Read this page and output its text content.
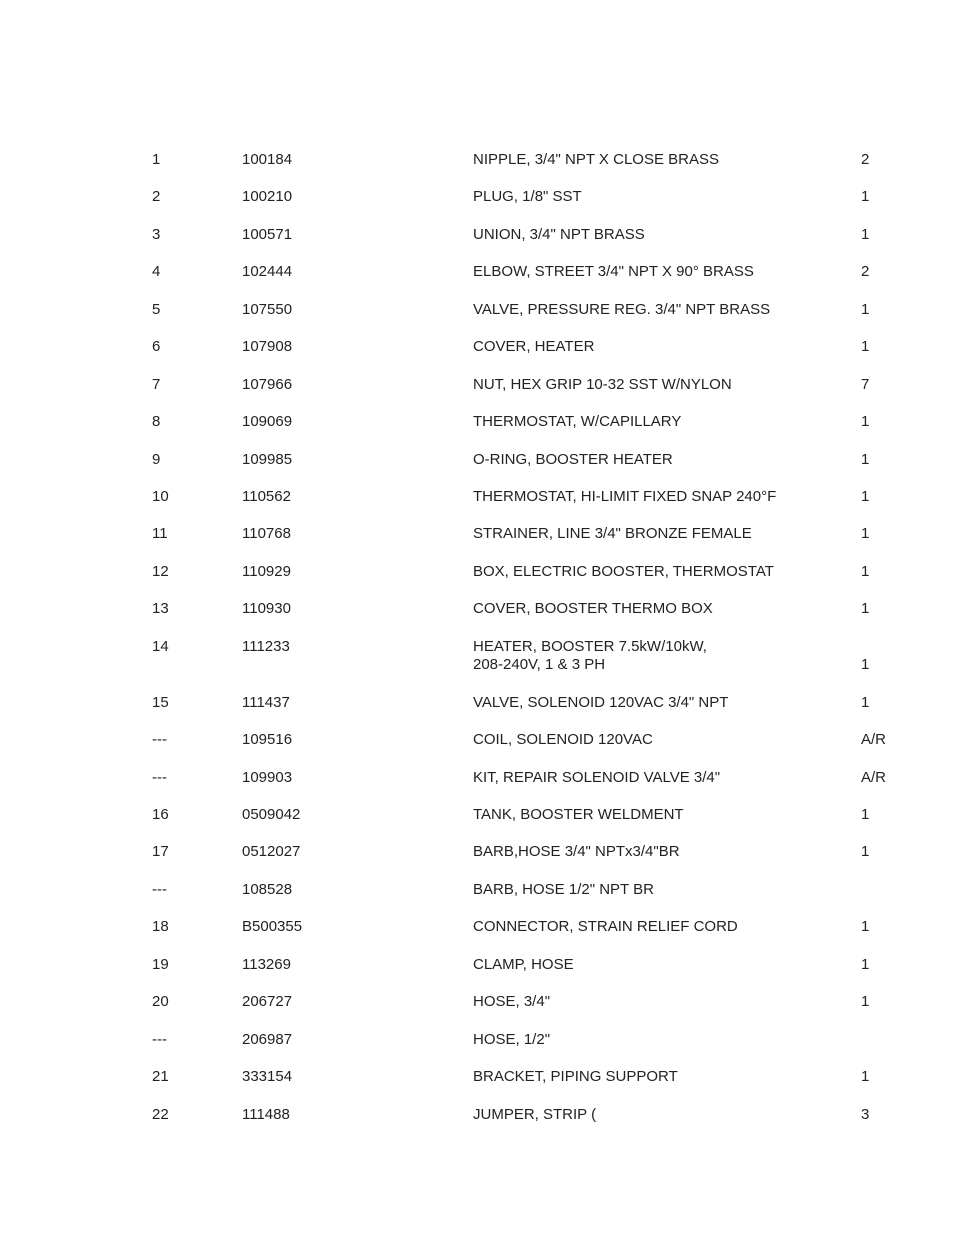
1	100184	NIPPLE, 3/4" NPT X CLOSE BRASS	2
2	100210	PLUG, 1/8" SST	1
3	100571	UNION, 3/4" NPT BRASS	1
4	102444	ELBOW, STREET 3/4" NPT X 90° BRASS	2
5	107550	VALVE, PRESSURE REG. 3/4" NPT BRASS	1
6	107908	COVER, HEATER	1
7	107966	NUT, HEX GRIP 10-32 SST W/NYLON	7
8	109069	THERMOSTAT, W/CAPILLARY	1
9	109985	O-RING, BOOSTER HEATER	1
10	110562	THERMOSTAT, HI-LIMIT FIXED SNAP 240°F	1
11	110768	STRAINER, LINE 3/4" BRONZE FEMALE	1
12	110929	BOX, ELECTRIC BOOSTER, THERMOSTAT	1
13	110930	COVER, BOOSTER THERMO BOX	1
14	111233	HEATER, BOOSTER 7.5kW/10kW,
208-240V, 1 & 3 PH	1
15	111437	VALVE, SOLENOID 120VAC 3/4" NPT	1
---	109516	COIL, SOLENOID 120VAC	A/R
---	109903	KIT, REPAIR SOLENOID VALVE 3/4"	A/R
16	0509042	TANK, BOOSTER WELDMENT	1
17	0512027	BARB,HOSE 3/4" NPTx3/4"BR	1
---	108528	BARB, HOSE 1/2" NPT BR
18	B500355	CONNECTOR, STRAIN RELIEF CORD	1
19	113269	CLAMP, HOSE	1
20	206727	HOSE, 3/4"	1
---	206987	HOSE, 1/2"
21	333154	BRACKET, PIPING SUPPORT	1
22	111488	JUMPER, STRIP (	3
